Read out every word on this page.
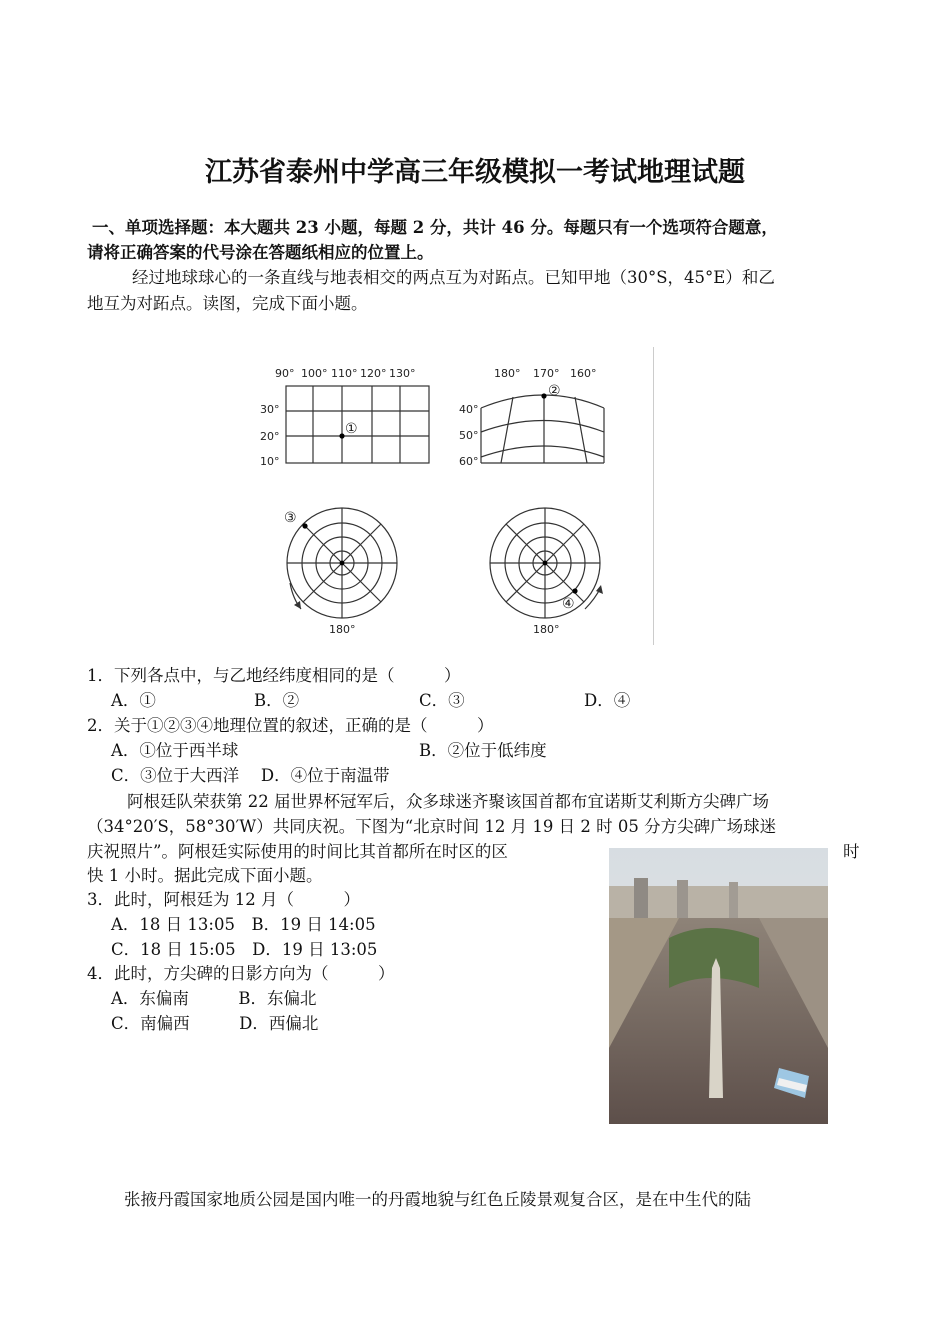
江苏省泰州中学高三年级模拟一考试地理试题
一、单项选择题：本大题共 23 小题，每题 2 分，共计 46 分。每题只有一个选项符合题意，
请将正确答案的代号涂在答题纸相应的位置上。
经过地球球心的一条直线与地表相交的两点互为对跖点。已知甲地（30°S，45°E）和乙
地互为对跖点。读图，完成下面小题。
90° 100° 110° 120° 130°
30°
20°
10°
①
180° 170° 160°
40°
50°
60°
②
③
180°
④
180°
1．下列各点中，与乙地经纬度相同的是（　　　）
A．①	B．②	C．③	D．④
2．关于①②③④地理位置的叙述，正确的是（　　　）
A．①位于西半球	B．②位于低纬度
C．③位于大西洋　 D．④位于南温带
阿根廷队荣获第 22 届世界杯冠军后，众多球迷齐聚该国首都布宜诺斯艾利斯方尖碑广场
（34°20′S，58°30′W）共同庆祝。下图为“北京时间 12 月 19 日 2 时 05 分方尖碑广场球迷
庆祝照片”。阿根廷实际使用的时间比其首都所在时区的区	时
快 1 小时。据此完成下面小题。
3．此时，阿根廷为 12 月（　　　）
A．18 日 13:05　B．19 日 14:05
C．18 日 15:05　D．19 日 13:05
4．此时，方尖碑的日影方向为（　　　）
A．东偏南　　　B．东偏北
C．南偏西　　　D．西偏北
张掖丹霞国家地质公园是国内唯一的丹霞地貌与红色丘陵景观复合区，是在中生代的陆
